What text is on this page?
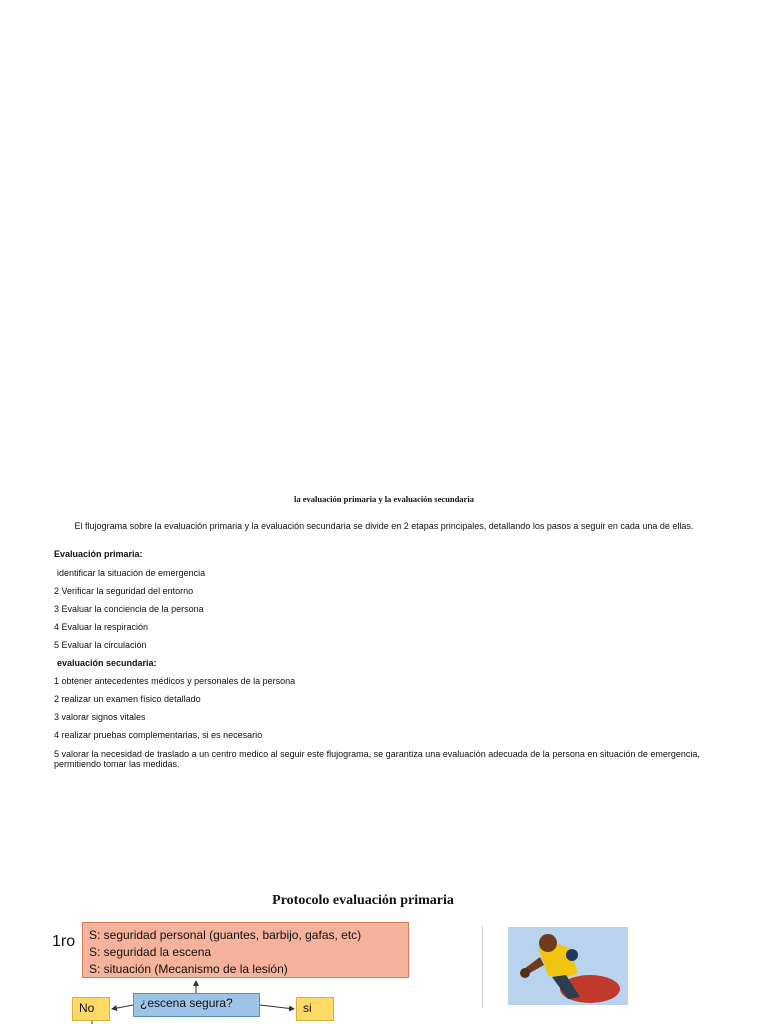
la evaluación primaria y la evaluación secundaria
El flujograma sobre la evaluación primaria y la evaluación secundaria se divide en 2 etapas principales, detallando los pasos a seguir en cada una de ellas.
Evaluación primaria:
identificar la situación de emergencia
2 Verificar la seguridad del entorno
3 Evaluar la conciencia de la persona
4 Evaluar la respiración
5 Evaluar la circulación
evaluación secundaria:
1 obtener antecedentes médicos y personales de la persona
2 realizar un examen físico detallado
3 valorar signos vitales
4 realizar pruebas complementarias, si es necesario
5 valorar la necesidad de traslado a un centro medico al seguir este flujograma, se garantiza una evaluación adecuada de la persona en situación de emergencia, permitiendo tomar las medidas.
Protocolo evaluación primaria
1ro S: seguridad personal (guantes, barbijo, gafas, etc)
S: seguridad la escena
S: situación (Mecanismo de la lesión)
¿escena segura?
No	si
